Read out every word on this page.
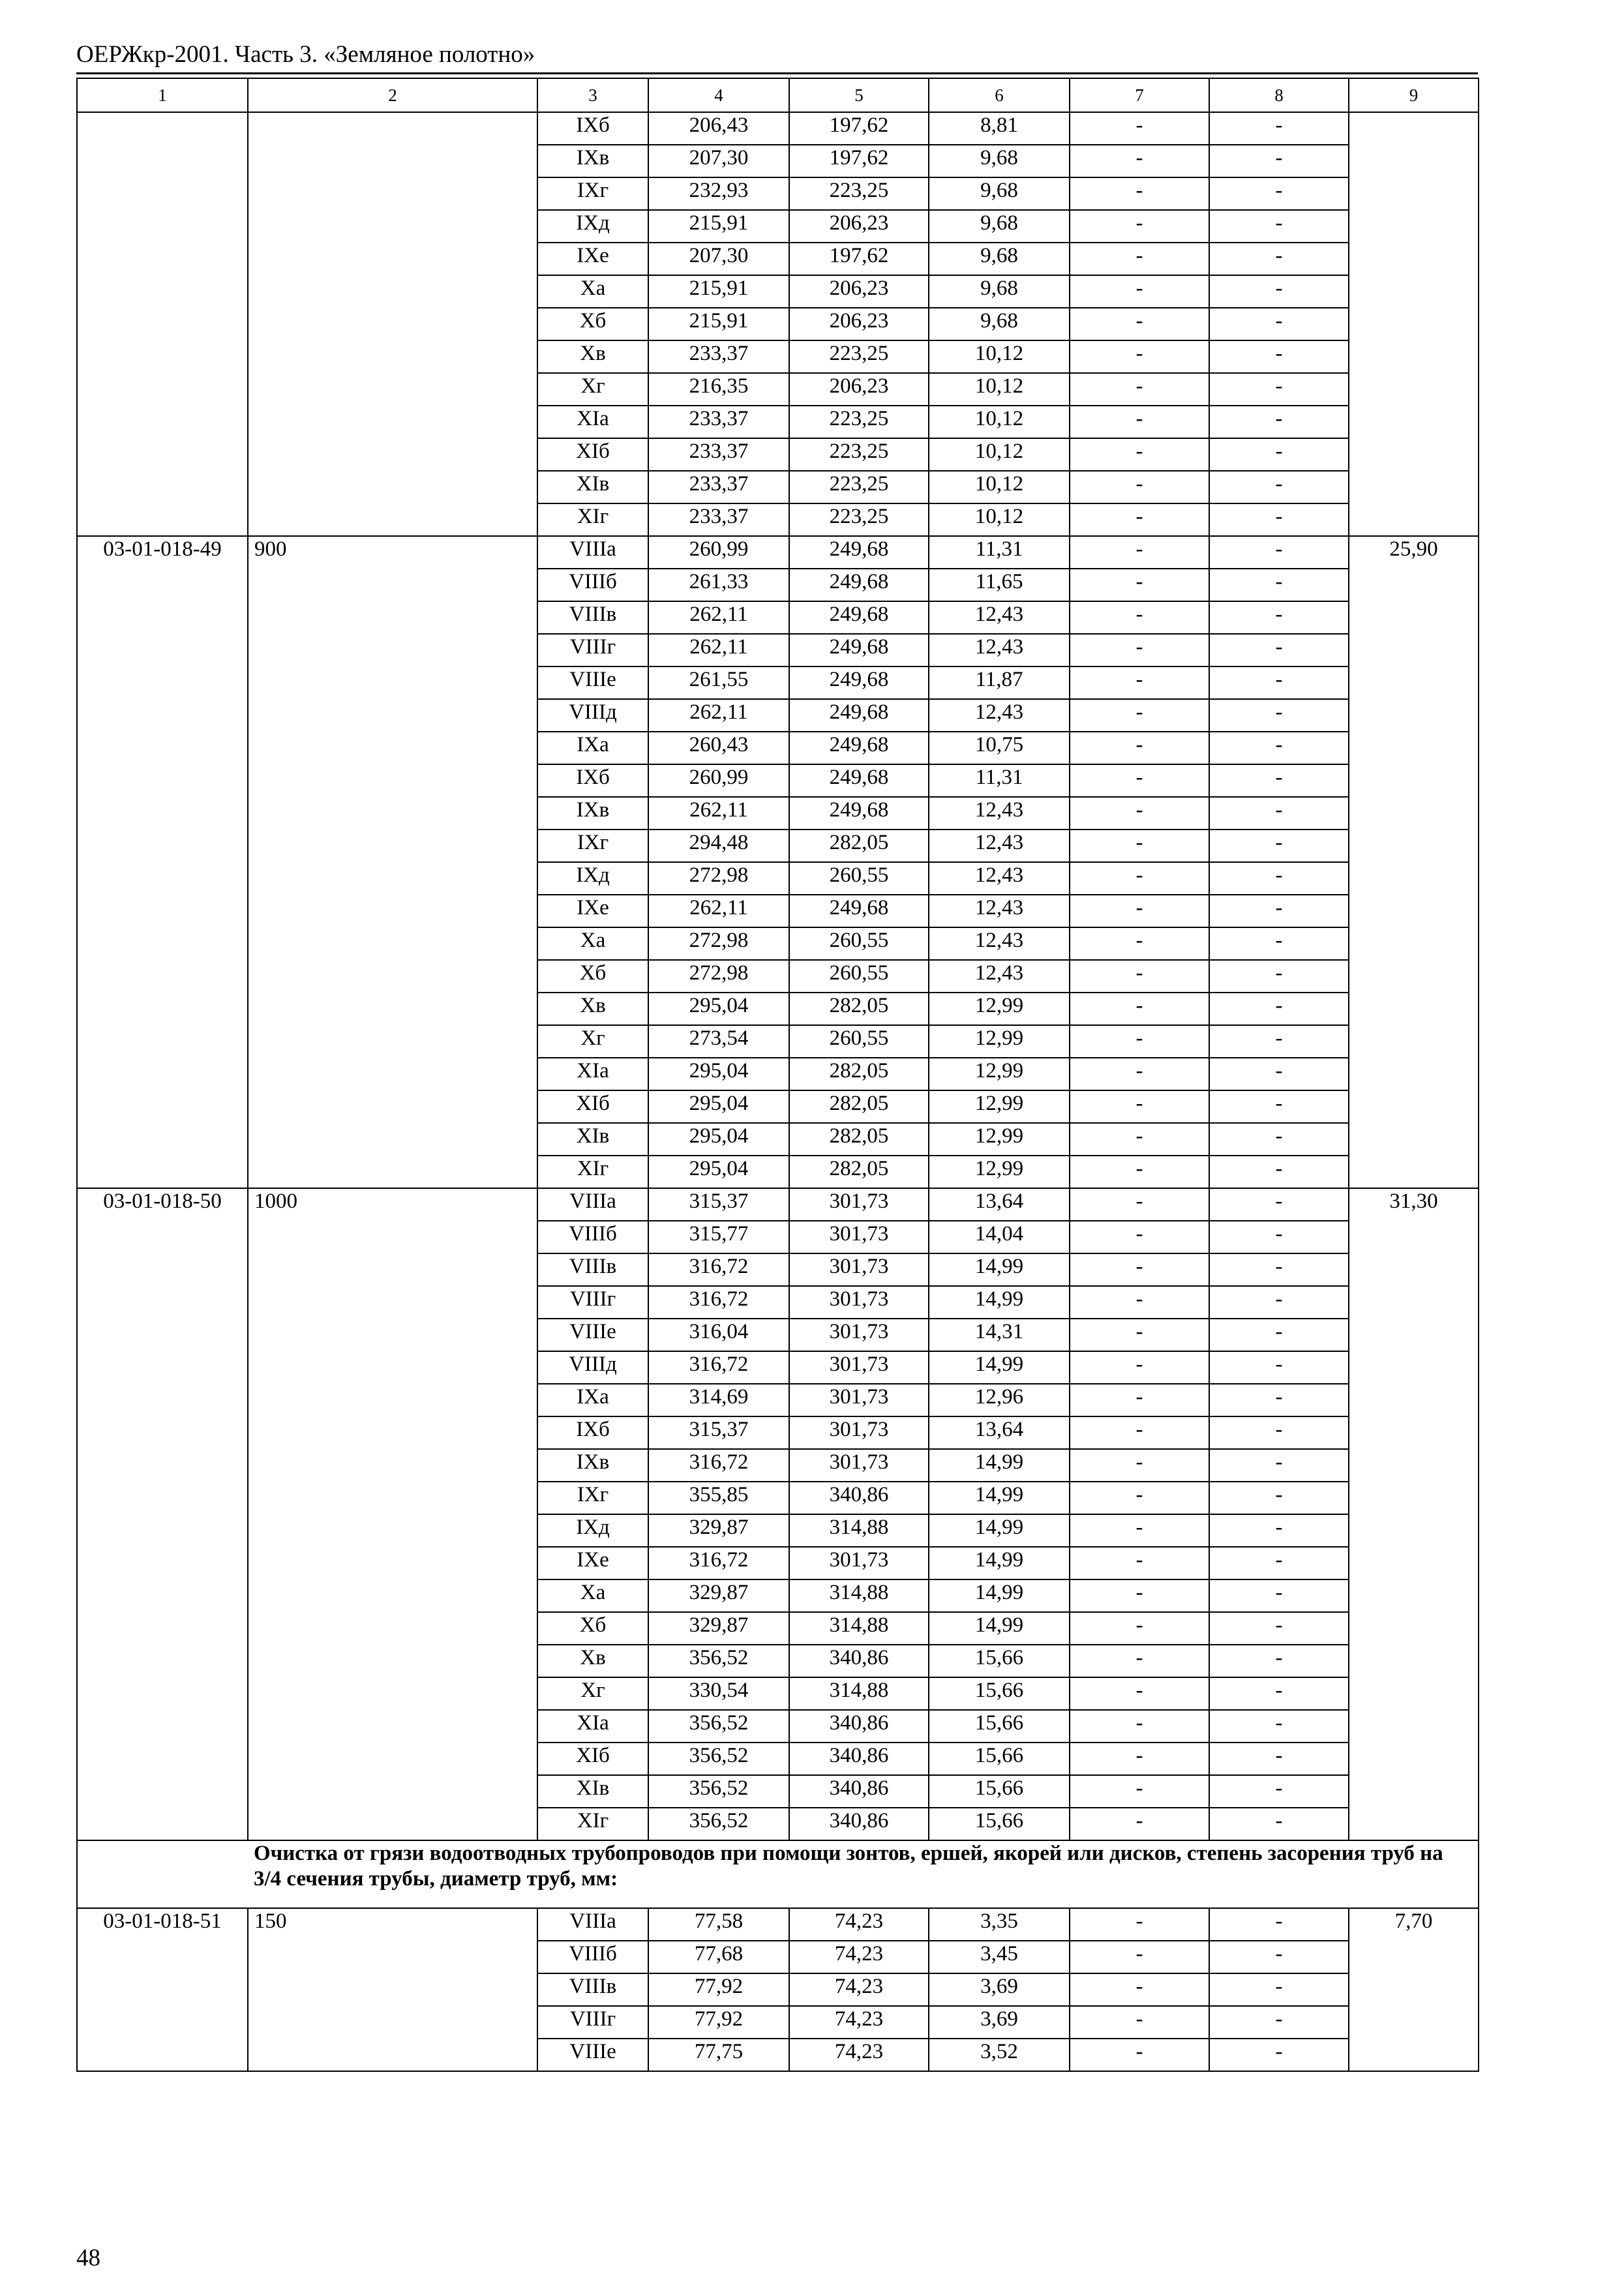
ОЕРЖкр-2001. Часть 3. «Земляное полотно»
1	2	3	4	5	6	7	8	9
		IXб	206,43	197,62	8,81	-	-	
		IXв	207,30	197,62	9,68	-	-	
		IXг	232,93	223,25	9,68	-	-	
		IXд	215,91	206,23	9,68	-	-	
		IXе	207,30	197,62	9,68	-	-	
		Xа	215,91	206,23	9,68	-	-	
		Xб	215,91	206,23	9,68	-	-	
		Xв	233,37	223,25	10,12	-	-	
		Xг	216,35	206,23	10,12	-	-	
		XIа	233,37	223,25	10,12	-	-	
		XIб	233,37	223,25	10,12	-	-	
		XIв	233,37	223,25	10,12	-	-	
		XIг	233,37	223,25	10,12	-	-	
03-01-018-49	900	VIIIа	260,99	249,68	11,31	-	-	25,90
		VIIIб	261,33	249,68	11,65	-	-	
		VIIIв	262,11	249,68	12,43	-	-	
		VIIIг	262,11	249,68	12,43	-	-	
		VIIIе	261,55	249,68	11,87	-	-	
		VIIIд	262,11	249,68	12,43	-	-	
		IXа	260,43	249,68	10,75	-	-	
		IXб	260,99	249,68	11,31	-	-	
		IXв	262,11	249,68	12,43	-	-	
		IXг	294,48	282,05	12,43	-	-	
		IXд	272,98	260,55	12,43	-	-	
		IXе	262,11	249,68	12,43	-	-	
		Xа	272,98	260,55	12,43	-	-	
		Xб	272,98	260,55	12,43	-	-	
		Xв	295,04	282,05	12,99	-	-	
		Xг	273,54	260,55	12,99	-	-	
		XIа	295,04	282,05	12,99	-	-	
		XIб	295,04	282,05	12,99	-	-	
		XIв	295,04	282,05	12,99	-	-	
		XIг	295,04	282,05	12,99	-	-	
03-01-018-50	1000	VIIIа	315,37	301,73	13,64	-	-	31,30
		VIIIб	315,77	301,73	14,04	-	-	
		VIIIв	316,72	301,73	14,99	-	-	
		VIIIг	316,72	301,73	14,99	-	-	
		VIIIе	316,04	301,73	14,31	-	-	
		VIIIд	316,72	301,73	14,99	-	-	
		IXа	314,69	301,73	12,96	-	-	
		IXб	315,37	301,73	13,64	-	-	
		IXв	316,72	301,73	14,99	-	-	
		IXг	355,85	340,86	14,99	-	-	
		IXд	329,87	314,88	14,99	-	-	
		IXе	316,72	301,73	14,99	-	-	
		Xа	329,87	314,88	14,99	-	-	
		Xб	329,87	314,88	14,99	-	-	
		Xв	356,52	340,86	15,66	-	-	
		Xг	330,54	314,88	15,66	-	-	
		XIа	356,52	340,86	15,66	-	-	
		XIб	356,52	340,86	15,66	-	-	
		XIв	356,52	340,86	15,66	-	-	
		XIг	356,52	340,86	15,66	-	-	
Очистка от грязи водоотводных трубопроводов при помощи зонтов, ершей, якорей или дисков, степень засорения труб на 3/4 сечения трубы, диаметр труб, мм:								
03-01-018-51	150	VIIIа	77,58	74,23	3,35	-	-	7,70
		VIIIб	77,68	74,23	3,45	-	-	
		VIIIв	77,92	74,23	3,69	-	-	
		VIIIг	77,92	74,23	3,69	-	-	
		VIIIе	77,75	74,23	3,52	-	-	
48
